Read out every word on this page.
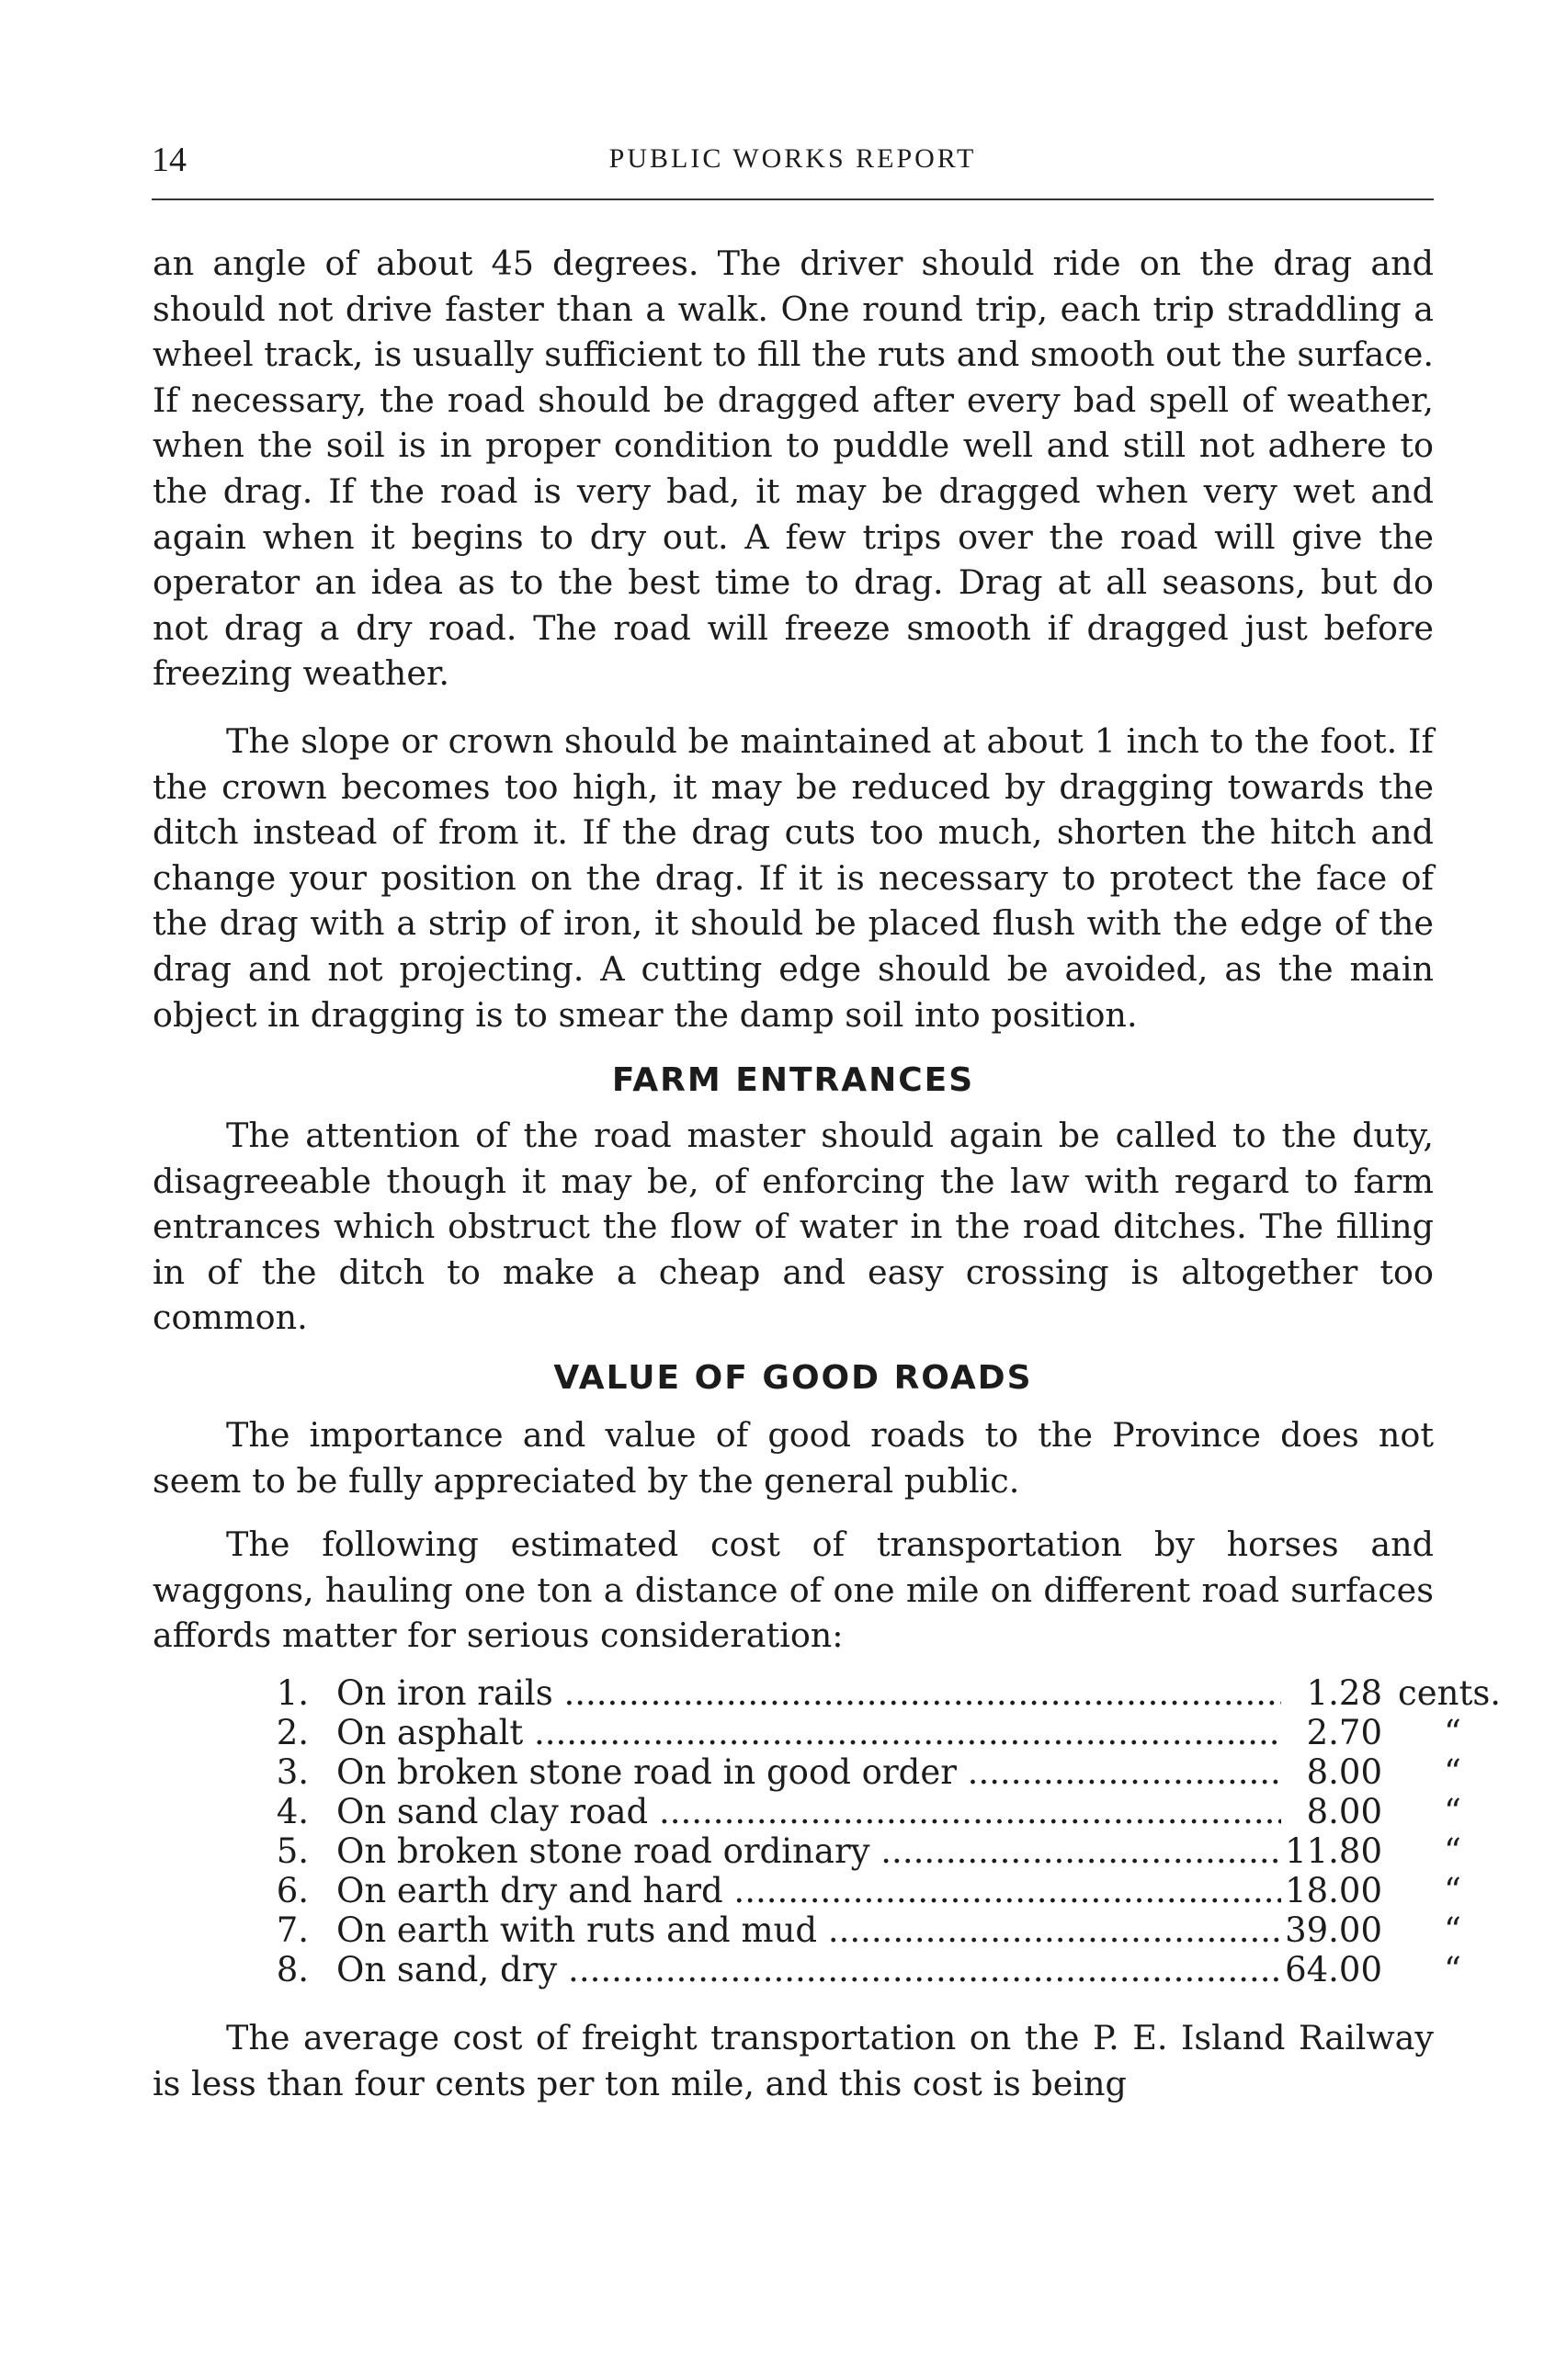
14	PUBLIC WORKS REPORT

an angle of about 45 degrees. The driver should ride on the drag and should not drive faster than a walk. One round trip, each trip straddling a wheel track, is usually sufficient to fill the ruts and smooth out the surface. If necessary, the road should be dragged after every bad spell of weather, when the soil is in proper condition to puddle well and still not adhere to the drag. If the road is very bad, it may be dragged when very wet and again when it begins to dry out. A few trips over the road will give the operator an idea as to the best time to drag. Drag at all seasons, but do not drag a dry road. The road will freeze smooth if dragged just before freezing weather.

The slope or crown should be maintained at about 1 inch to the foot. If the crown becomes too high, it may be reduced by dragging towards the ditch instead of from it. If the drag cuts too much, shorten the hitch and change your position on the drag. If it is necessary to protect the face of the drag with a strip of iron, it should be placed flush with the edge of the drag and not projecting. A cutting edge should be avoided, as the main object in dragging is to smear the damp soil into position.

FARM ENTRANCES

The attention of the road master should again be called to the duty, disagreeable though it may be, of enforcing the law with regard to farm entrances which obstruct the flow of water in the road ditches. The filling in of the ditch to make a cheap and easy crossing is altogether too common.

VALUE OF GOOD ROADS

The importance and value of good roads to the Province does not seem to be fully appreciated by the general public.

The following estimated cost of transportation by horses and waggons, hauling one ton a distance of one mile on different road surfaces affords matter for serious consideration:

1. On iron rails .....	1.28 cents.
2. On asphalt .....	2.70 “
3. On broken stone road in good order .....	8.00 “
4. On sand clay road .....	8.00 “
5. On broken stone road ordinary .....	11.80 “
6. On earth dry and hard .....	18.00 “
7. On earth with ruts and mud .....	39.00 “
8. On sand, dry .....	64.00 “

The average cost of freight transportation on the P. E. Island Railway is less than four cents per ton mile, and this cost is being
